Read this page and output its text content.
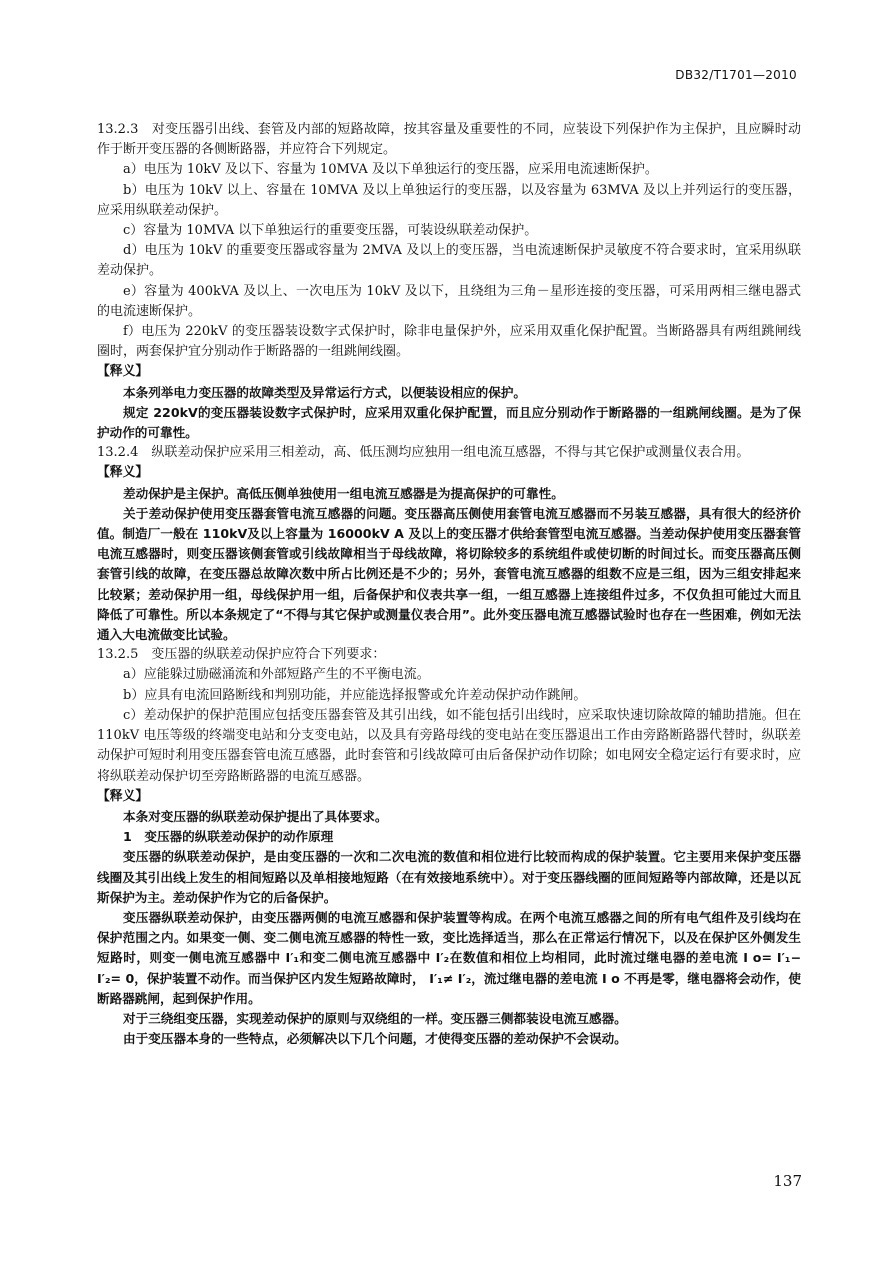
DB32/T1701—2010

13.2.3　对变压器引出线、套管及内部的短路故障，按其容量及重要性的不同，应装设下列保护作为主保护，且应瞬时动作于断开变压器的各侧断路器，并应符合下列规定。

a）电压为 10kV 及以下、容量为 10MVA 及以下单独运行的变压器，应采用电流速断保护。

b）电压为 10kV 以上、容量在 10MVA 及以上单独运行的变压器，以及容量为 63MVA 及以上并列运行的变压器，应采用纵联差动保护。

c）容量为 10MVA 以下单独运行的重要变压器，可装设纵联差动保护。

d）电压为 10kV 的重要变压器或容量为 2MVA 及以上的变压器，当电流速断保护灵敏度不符合要求时，宜采用纵联差动保护。

e）容量为 400kVA 及以上、一次电压为 10kV 及以下，且绕组为三角－星形连接的变压器，可采用两相三继电器式的电流速断保护。

f）电压为 220kV 的变压器装设数字式保护时，除非电量保护外，应采用双重化保护配置。当断路器具有两组跳闸线圈时，两套保护宜分别动作于断路器的一组跳闸线圈。

【释义】

本条列举电力变压器的故障类型及异常运行方式，以便装设相应的保护。

规定 220kV的变压器装设数字式保护时，应采用双重化保护配置，而且应分别动作于断路器的一组跳闸线圈。是为了保护动作的可靠性。

13.2.4　纵联差动保护应采用三相差动，高、低压测均应独用一组电流互感器，不得与其它保护或测量仪表合用。

【释义】

差动保护是主保护。高低压侧单独使用一组电流互感器是为提高保护的可靠性。

关于差动保护使用变压器套管电流互感器的问题。变压器高压侧使用套管电流互感器而不另装互感器，具有很大的经济价值。制造厂一般在 110kV及以上容量为 16000kV A 及以上的变压器才供给套管型电流互感器。当差动保护使用变压器套管电流互感器时，则变压器该侧套管或引线故障相当于母线故障，将切除较多的系统组件或使切断的时间过长。而变压器高压侧套管引线的故障，在变压器总故障次数中所占比例还是不少的；另外，套管电流互感器的组数不应是三组，因为三组安排起来比较紧；差动保护用一组，母线保护用一组，后备保护和仪表共享一组，一组互感器上连接组件过多，不仅负担可能过大而且降低了可靠性。所以本条规定了“不得与其它保护或测量仪表合用”。此外变压器电流互感器试验时也存在一些困难，例如无法通入大电流做变比试验。

13.2.5　变压器的纵联差动保护应符合下列要求：

a）应能躲过励磁涌流和外部短路产生的不平衡电流。

b）应具有电流回路断线和判别功能，并应能选择报警或允许差动保护动作跳闸。

c）差动保护的保护范围应包括变压器套管及其引出线，如不能包括引出线时，应采取快速切除故障的辅助措施。但在 110kV 电压等级的终端变电站和分支变电站，以及具有旁路母线的变电站在变压器退出工作由旁路断路器代替时，纵联差动保护可短时利用变压器套管电流互感器，此时套管和引线故障可由后备保护动作切除；如电网安全稳定运行有要求时，应将纵联差动保护切至旁路断路器的电流互感器。

【释义】

本条对变压器的纵联差动保护提出了具体要求。

1　变压器的纵联差动保护的动作原理

变压器的纵联差动保护，是由变压器的一次和二次电流的数值和相位进行比较而构成的保护装置。它主要用来保护变压器线圈及其引出线上发生的相间短路以及单相接地短路（在有效接地系统中）。对于变压器线圈的匝间短路等内部故障，还是以瓦斯保护为主。差动保护作为它的后备保护。

变压器纵联差动保护，由变压器两侧的电流互感器和保护装置等构成。在两个电流互感器之间的所有电气组件及引线均在保护范围之内。如果变一侧、变二侧电流互感器的特性一致，变比选择适当，那么在正常运行情况下，以及在保护区外侧发生短路时，则变一侧电流互感器中 I′₁和变二侧电流互感器中 I′₂在数值和相位上均相同，此时流过继电器的差电流 I o= I′₁− I′₂= 0，保护装置不动作。而当保护区内发生短路故障时， I′₁≠ I′₂，流过继电器的差电流 I o 不再是零，继电器将会动作，使断路器跳闸，起到保护作用。

对于三绕组变压器，实现差动保护的原则与双绕组的一样。变压器三侧都装设电流互感器。

由于变压器本身的一些特点，必须解决以下几个问题，才使得变压器的差动保护不会误动。

137
